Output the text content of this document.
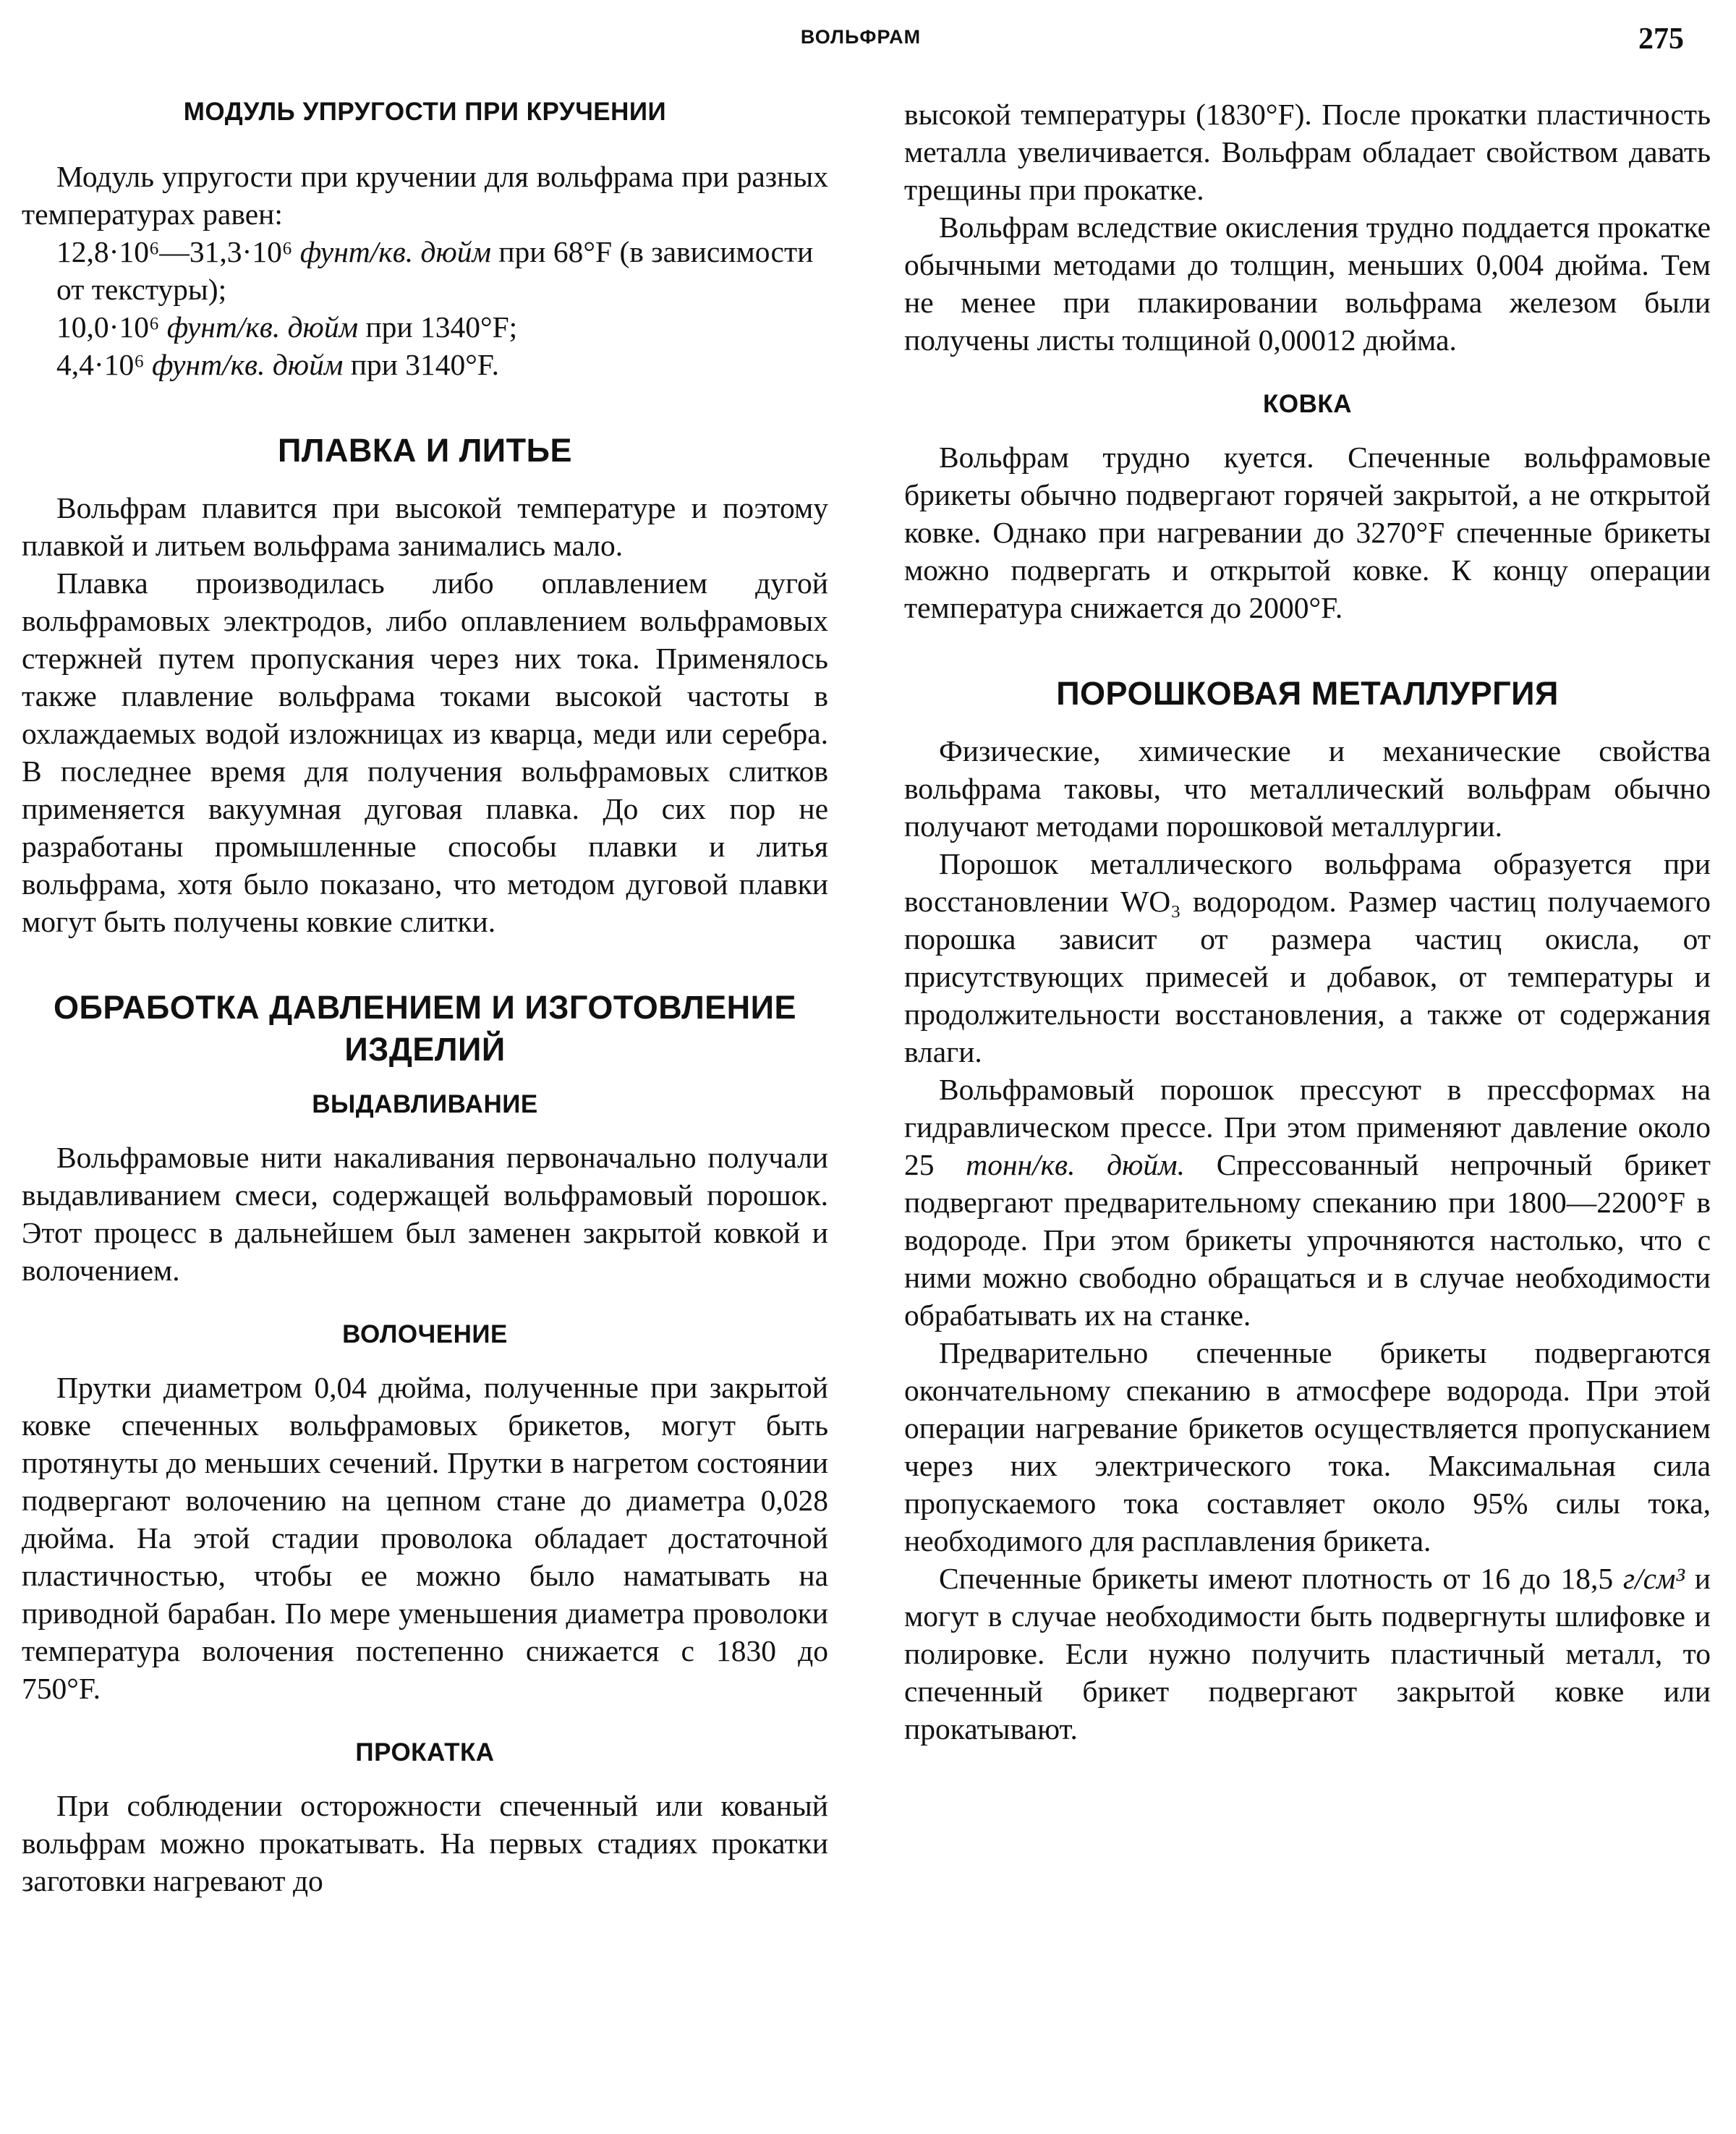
ВОЛЬФРАМ	275
МОДУЛЬ УПРУГОСТИ ПРИ КРУЧЕНИИ

Модуль упругости при кручении для вольфрама при разных температурах равен:

12,8·10⁶—31,3·10⁶ фунт/кв. дюйм при 68°F (в зависимости от текстуры);

10,0·10⁶ фунт/кв. дюйм при 1340°F;

4,4·10⁶ фунт/кв. дюйм при 3140°F.

ПЛАВКА И ЛИТЬЕ

Вольфрам плавится при высокой температуре и поэтому плавкой и литьем вольфрама занимались мало.

Плавка производилась либо оплавлением дугой вольфрамовых электродов, либо оплавлением вольфрамовых стержней путем пропускания через них тока. Применялось также плавление вольфрама токами высокой частоты в охлаждаемых водой изложницах из кварца, меди или серебра. В последнее время для получения вольфрамовых слитков применяется вакуумная дуговая плавка. До сих пор не разработаны промышленные способы плавки и литья вольфрама, хотя было показано, что методом дуговой плавки могут быть получены ковкие слитки.

ОБРАБОТКА ДАВЛЕНИЕМ И ИЗГОТОВЛЕНИЕ ИЗДЕЛИЙ
ВЫДАВЛИВАНИЕ

Вольфрамовые нити накаливания первоначально получали выдавливанием смеси, содержащей вольфрамовый порошок. Этот процесс в дальнейшем был заменен закрытой ковкой и волочением.

ВОЛОЧЕНИЕ

Прутки диаметром 0,04 дюйма, полученные при закрытой ковке спеченных вольфрамовых брикетов, могут быть протянуты до меньших сечений. Прутки в нагретом состоянии подвергают волочению на цепном стане до диаметра 0,028 дюйма. На этой стадии проволока обладает достаточной пластичностью, чтобы ее можно было наматывать на приводной барабан. По мере уменьшения диаметра проволоки температура волочения постепенно снижается с 1830 до 750°F.

ПРОКАТКА

При соблюдении осторожности спеченный или кованый вольфрам можно прокатывать. На первых стадиях прокатки заготовки нагревают до

высокой температуры (1830°F). После прокатки пластичность металла увеличивается. Вольфрам обладает свойством давать трещины при прокатке.

Вольфрам вследствие окисления трудно поддается прокатке обычными методами до толщин, меньших 0,004 дюйма. Тем не менее при плакировании вольфрама железом были получены листы толщиной 0,00012 дюйма.

КОВКА

Вольфрам трудно куется. Спеченные вольфрамовые брикеты обычно подвергают горячей закрытой, а не открытой ковке. Однако при нагревании до 3270°F спеченные брикеты можно подвергать и открытой ковке. К концу операции температура снижается до 2000°F.

ПОРОШКОВАЯ МЕТАЛЛУРГИЯ

Физические, химические и механические свойства вольфрама таковы, что металлический вольфрам обычно получают методами порошковой металлургии.

Порошок металлического вольфрама образуется при восстановлении WO₃ водородом. Размер частиц получаемого порошка зависит от размера частиц окисла, от присутствующих примесей и добавок, от температуры и продолжительности восстановления, а также от содержания влаги.

Вольфрамовый порошок прессуют в прессформах на гидравлическом прессе. При этом применяют давление около 25 тонн/кв. дюйм. Спрессованный непрочный брикет подвергают предварительному спеканию при 1800—2200°F в водороде. При этом брикеты упрочняются настолько, что с ними можно свободно обращаться и в случае необходимости обрабатывать их на станке.

Предварительно спеченные брикеты подвергаются окончательному спеканию в атмосфере водорода. При этой операции нагревание брикетов осуществляется пропусканием через них электрического тока. Максимальная сила пропускаемого тока составляет около 95% силы тока, необходимого для расплавления брикета.

Спеченные брикеты имеют плотность от 16 до 18,5 г/см³ и могут в случае необходимости быть подвергнуты шлифовке и полировке. Если нужно получить пластичный металл, то спеченный брикет подвергают закрытой ковке или прокатывают.
